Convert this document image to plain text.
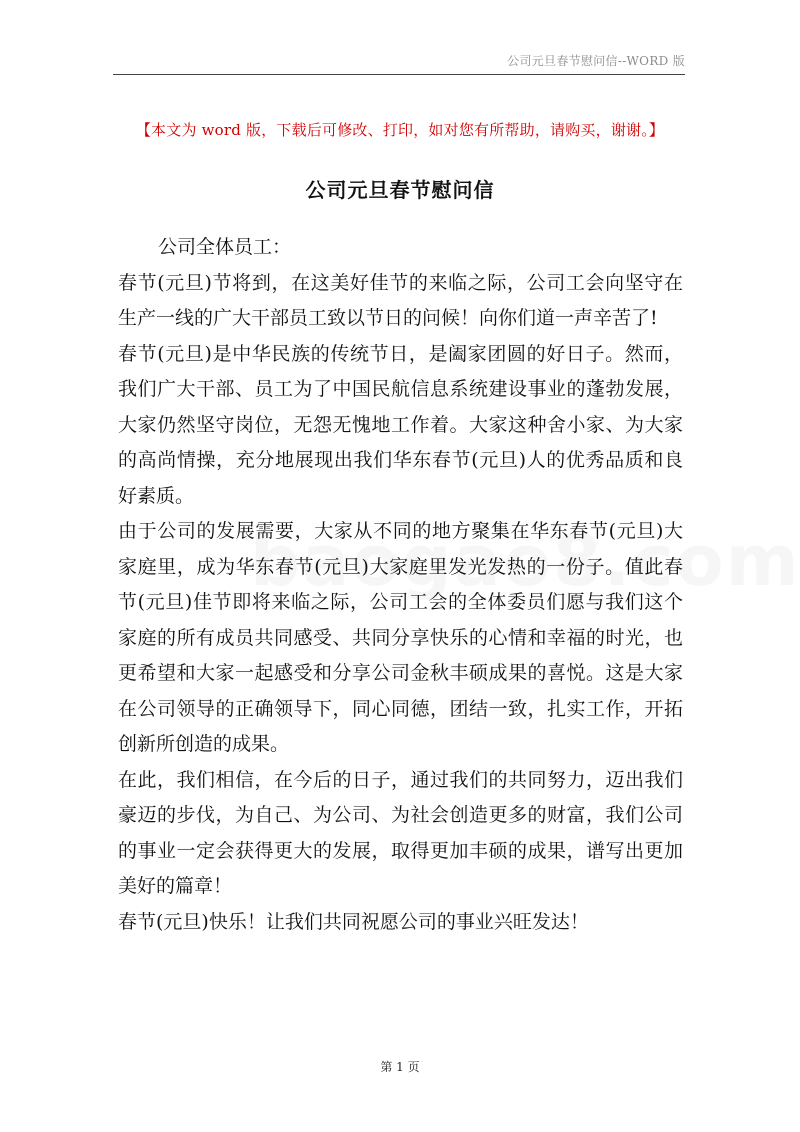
公司元旦春节慰问信--WORD 版
【本文为 word 版，下载后可修改、打印，如对您有所帮助，请购买，谢谢。】
公司元旦春节慰问信

公司全体员工：

春节(元旦)节将到，在这美好佳节的来临之际，公司工会向坚守在生产一线的广大干部员工致以节日的问候！向你们道一声辛苦了!

春节(元旦)是中华民族的传统节日，是阖家团圆的好日子。然而，我们广大干部、员工为了中国民航信息系统建设事业的蓬勃发展，大家仍然坚守岗位，无怨无愧地工作着。大家这种舍小家、为大家的高尚情操，充分地展现出我们华东春节(元旦)人的优秀品质和良好素质。

由于公司的发展需要，大家从不同的地方聚集在华东春节(元旦)大家庭里，成为华东春节(元旦)大家庭里发光发热的一份子。值此春节(元旦)佳节即将来临之际，公司工会的全体委员们愿与我们这个家庭的所有成员共同感受、共同分享快乐的心情和幸福的时光，也更希望和大家一起感受和分享公司金秋丰硕成果的喜悦。这是大家在公司领导的正确领导下，同心同德，团结一致，扎实工作，开拓创新所创造的成果。

在此，我们相信，在今后的日子，通过我们的共同努力，迈出我们豪迈的步伐，为自己、为公司、为社会创造更多的财富，我们公司的事业一定会获得更大的发展，取得更加丰硕的成果，谱写出更加美好的篇章！

春节(元旦)快乐！让我们共同祝愿公司的事业兴旺发达！

第 1 页
